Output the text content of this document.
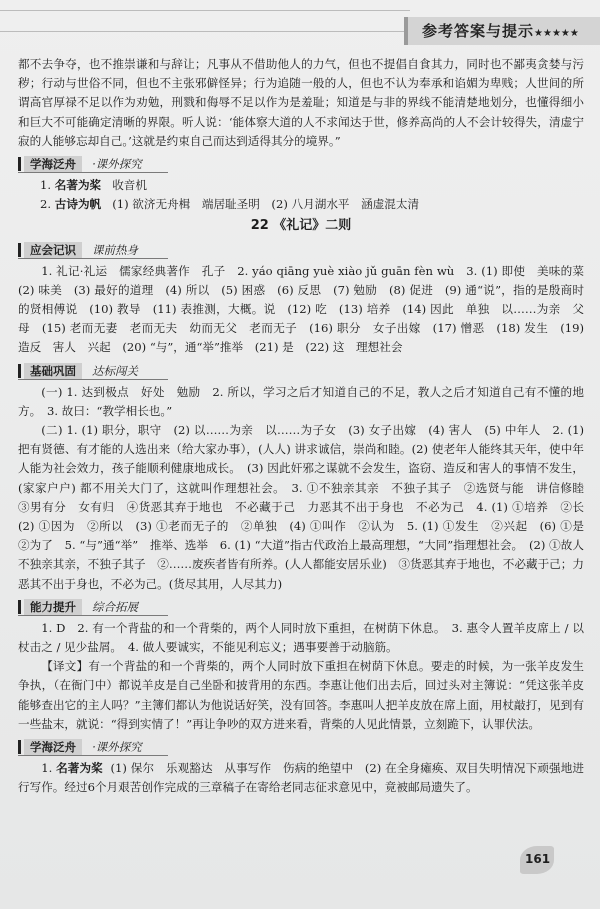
参考答案与提示★★★★★

都不去争夺，也不推崇谦和与辞让；凡事从不借助他人的力气，但也不提倡自食其力，同时也不鄙夷贪婪与污秽；行动与世俗不同，但也不主张邪僻怪异；行为追随一般的人，但也不认为奉承和谄媚为卑贱；人世间的所谓高官厚禄不足以作为劝勉，刑戮和侮辱不足以作为是羞耻；知道是与非的界线不能清楚地划分，也懂得细小和巨大不可能确定清晰的界限。听人说：‘能体察大道的人不求闻达于世，修养高尚的人不会计较得失，清虚宁寂的人能够忘却自己。’这就是约束自己而达到适得其分的境界。”

学海泛舟	·课外探究

1. 名著为桨 收音机

2. 古诗为帆 (1) 欲济无舟楫　端居耻圣明　(2) 八月湖水平　涵虚混太清

22 《礼记》二则
应会记识	课前热身

1. 礼记·礼运　儒家经典著作　孔子　2. yáo qiāng yuè xiào jǔ guān fèn wù　3. (1) 即使　美味的菜　(2) 味美　(3) 最好的道理　(4) 所以　(5) 困惑　(6) 反思　(7) 勉励　(8) 促进　(9) 通“说”，指的是殷商时的贤相傅说　(10) 教导　(11) 表推测，大概。说　(12) 吃　(13) 培养　(14) 因此　单独　以……为亲　父母　(15) 老而无妻　老而无夫　幼而无父　老而无子　(16) 职分　女子出嫁　(17) 憎恶　(18) 发生　(19) 造反　害人　兴起　(20) “与”，通“举”推举　(21) 是　(22) 这　理想社会

基础巩固	达标闯关

(一) 1. 达到极点　好处　勉励　2. 所以，学习之后才知道自己的不足，教人之后才知道自己有不懂的地方。　3. 故曰：“教学相长也。”

(二) 1. (1) 职分，职守　(2) 以……为亲　以……为子女　(3) 女子出嫁　(4) 害人　(5) 中年人　2. (1) 把有贤德、有才能的人选出来（给大家办事），(人人) 讲求诚信，崇尚和睦。(2) 使老年人能终其天年，使中年人能为社会效力，孩子能顺利健康地成长。　(3) 因此奸邪之谋就不会发生，盗窃、造反和害人的事情不发生，(家家户户) 都不用关大门了，这就叫作理想社会。　3. ①不独亲其亲　不独子其子　②选贤与能　讲信修睦　③男有分　女有归　④货恶其弃于地也　不必藏于己　力恶其不出于身也　不必为己　4. (1) ①培养　②长　(2) ①因为　②所以　(3) ①老而无子的　②单独　(4) ①叫作　②认为　5. (1) ①发生　②兴起　(6) ①是　②为了　5. “与”通“举”　推举、选举　6. (1) “大道”指古代政治上最高理想，“大同”指理想社会。　(2) ①故人不独亲其亲，不独子其子　②……废疾者皆有所养。(人人都能安居乐业)　③货恶其弃于地也，不必藏于己；力恶其不出于身也，不必为己。(货尽其用，人尽其力)

能力提升	综合拓展

1. D　2. 有一个背盐的和一个背柴的，两个人同时放下重担，在树荫下休息。　3. 惠令人置羊皮席上 / 以杖击之 / 见少盐屑。　4. 做人要诚实，不能见利忘义；遇事要善于动脑筋。

【译文】有一个背盐的和一个背柴的，两个人同时放下重担在树荫下休息。要走的时候，为一张羊皮发生争执，（在衙门中）都说羊皮是自己坐卧和披背用的东西。李惠让他们出去后，回过头对主簿说：“凭这张羊皮能够查出它的主人吗？”主簿们都认为他说话好笑，没有回答。李惠叫人把羊皮放在席上面，用杖敲打，见到有一些盐末，就说：“得到实情了！”再让争吵的双方进来看，背柴的人见此情景，立刻跪下，认罪伏法。

学海泛舟	·课外探究

1. 名著为桨 (1) 保尔　乐观豁达　从事写作　伤病的绝望中　(2) 在全身瘫痪、双目失明情况下顽强地进行写作。经过6个月艰苦创作完成的三章稿子在寄给老同志征求意见中，竟被邮局遗失了。

161
